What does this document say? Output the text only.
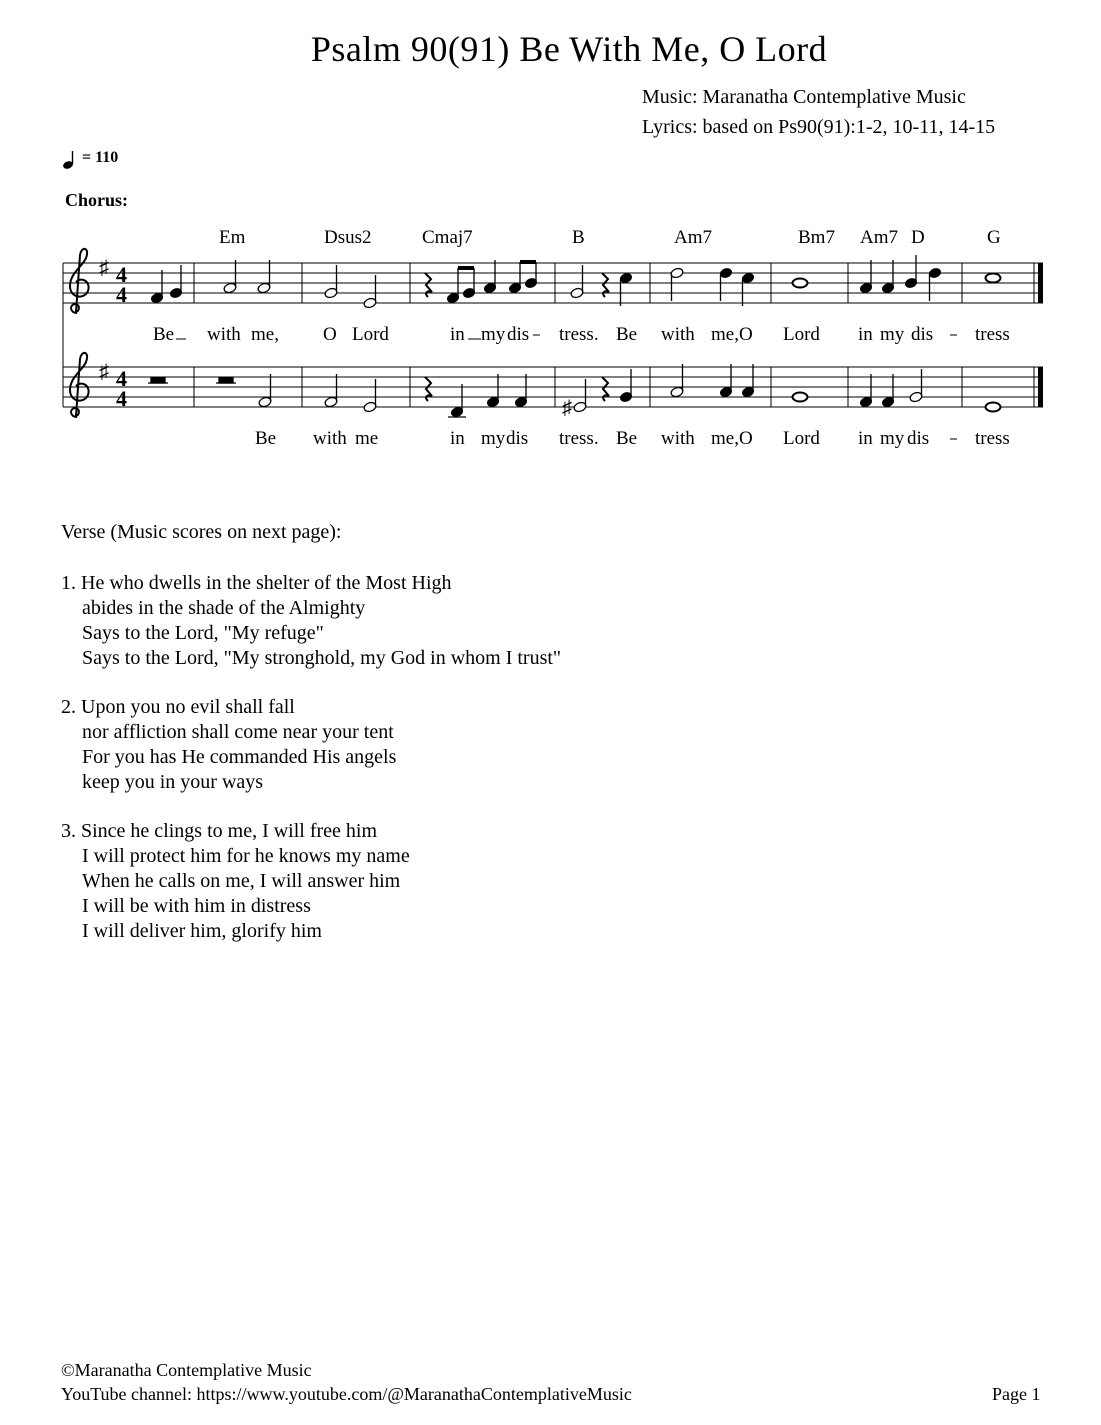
Psalm 90(91) Be With Me, O Lord
Music: Maranatha Contemplative Music
Lyrics: based on Ps90(91):1-2, 10-11, 14-15
= 110
Chorus:
♯
♯
4
4
4
4
Em	Dsus2	Cmaj7	B	Am7	Bm7 Am7 D	G
♯
Be with me, O Lord	in my dis tress. Be with me,O Lord in my dis tress
Be with me	in my dis tress. Be with me,O Lord in my dis tress
Verse (Music scores on next page):
1. He who dwells in the shelter of the Most High
abides in the shade of the Almighty
Says to the Lord, "My refuge"
Says to the Lord, "My stronghold, my God in whom I trust"
2. Upon you no evil shall fall
nor affliction shall come near your tent
For you has He commanded His angels
keep you in your ways
3. Since he clings to me, I will free him
I will protect him for he knows my name
When he calls on me, I will answer him
I will be with him in distress
I will deliver him, glorify him
©Maranatha Contemplative Music
YouTube channel: https://www.youtube.com/@MaranathaContemplativeMusic	Page 1
